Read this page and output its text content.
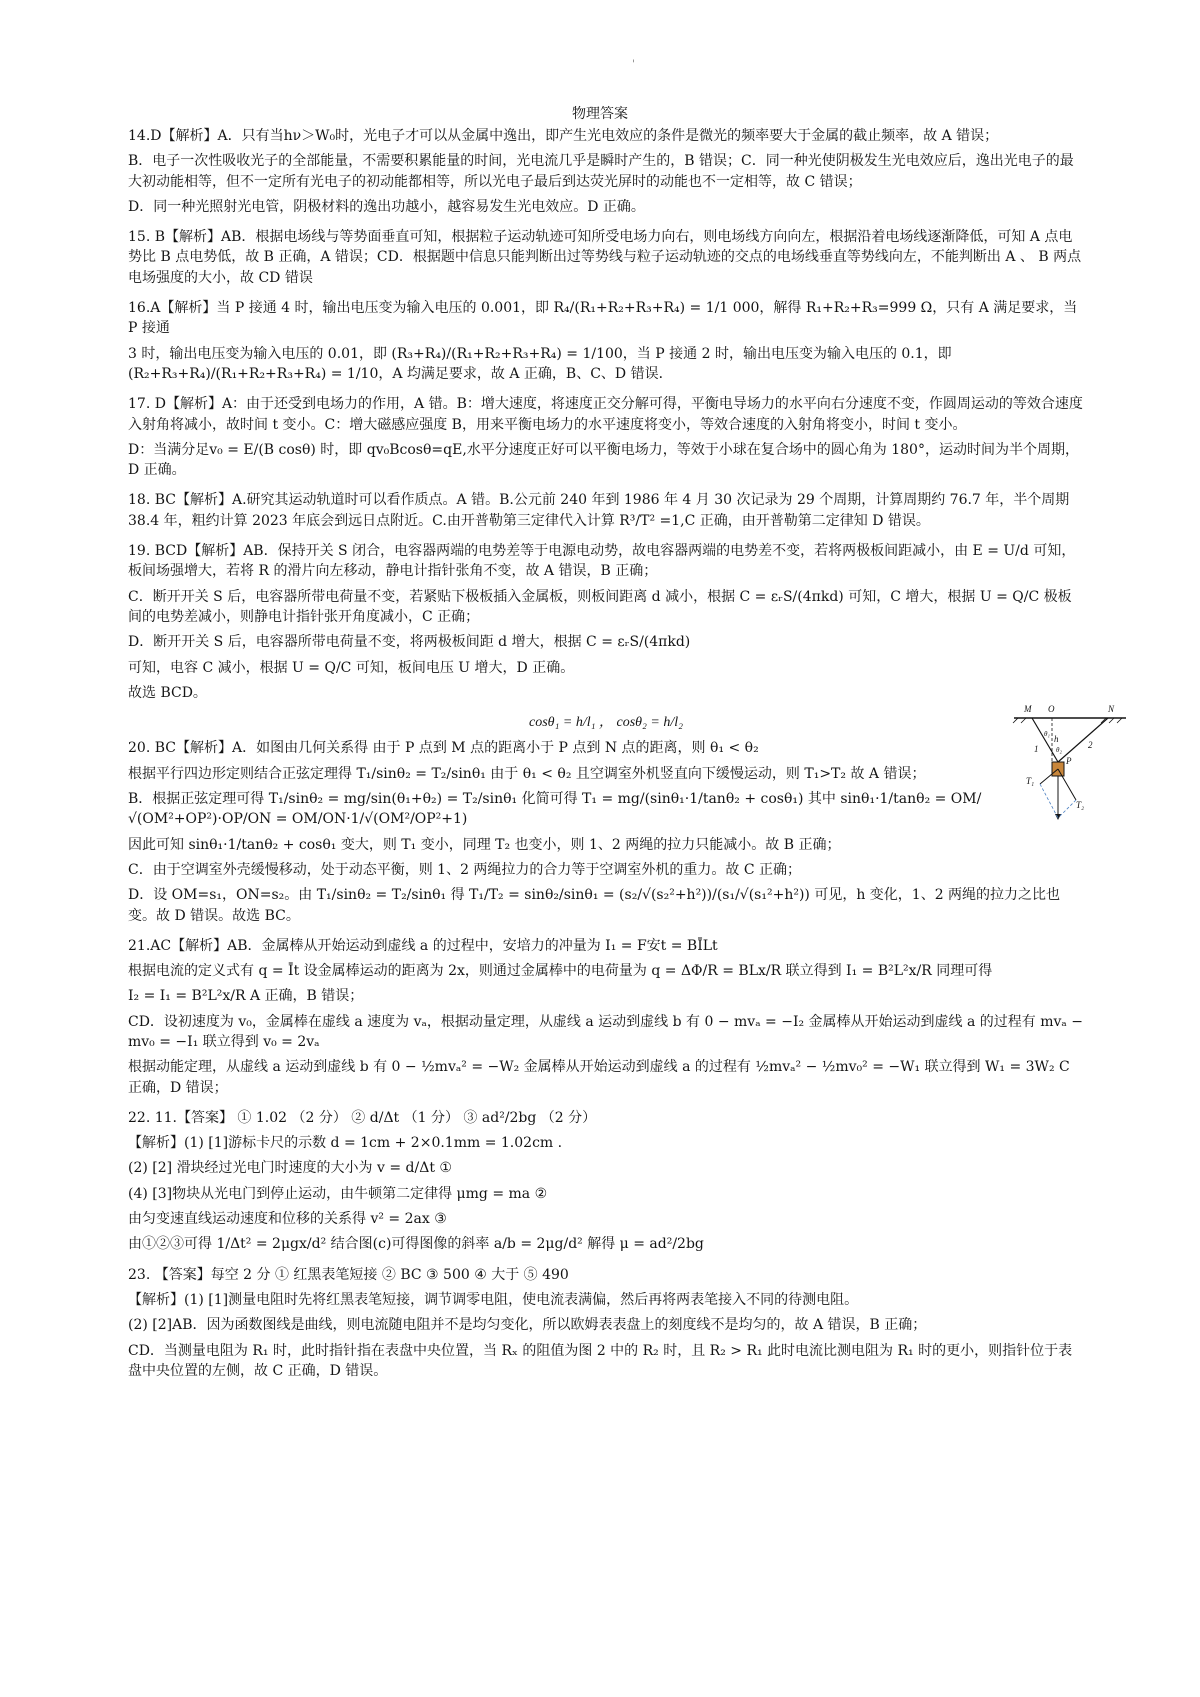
'
物理答案

14.D【解析】A．只有当hν＞W₀时，光电子才可以从金属中逸出，即产生光电效应的条件是微光的频率要大于金属的截止频率，故 A 错误；

B．电子一次性吸收光子的全部能量，不需要积累能量的时间，光电流几乎是瞬时产生的，B 错误；C．同一种光使阴极发生光电效应后，逸出光电子的最大初动能相等，但不一定所有光电子的初动能都相等，所以光电子最后到达荧光屏时的动能也不一定相等，故 C 错误；

D．同一种光照射光电管，阴极材料的逸出功越小，越容易发生光电效应。D 正确。

15. B【解析】AB．根据电场线与等势面垂直可知，根据粒子运动轨迹可知所受电场力向右，则电场线方向向左，根据沿着电场线逐渐降低，可知 A 点电势比 B 点电势低，故 B 正确，A 错误；CD．根据题中信息只能判断出过等势线与粒子运动轨迹的交点的电场线垂直等势线向左，不能判断出 A 、 B 两点电场强度的大小，故 CD 错误

16.A【解析】当 P 接通 4 时，输出电压变为输入电压的 0.001，即 R₄/(R₁+R₂+R₃+R₄) = 1/1 000，解得 R₁+R₂+R₃=999 Ω，只有 A 满足要求，当 P 接通

3 时，输出电压变为输入电压的 0.01，即 (R₃+R₄)/(R₁+R₂+R₃+R₄) = 1/100，当 P 接通 2 时，输出电压变为输入电压的 0.1，即 (R₂+R₃+R₄)/(R₁+R₂+R₃+R₄) = 1/10，A 均满足要求，故 A 正确，B、C、D 错误．

17. D【解析】A：由于还受到电场力的作用，A 错。B：增大速度，将速度正交分解可得，平衡电导场力的水平向右分速度不变，作圆周运动的等效合速度入射角将减小，故时间 t 变小。C：增大磁感应强度 B，用来平衡电场力的水平速度将变小，等效合速度的入射角将变小，时间 t 变小。

D：当满分足v₀ = E/(B cosθ) 时，即 qv₀Bcosθ=qE,水平分速度正好可以平衡电场力，等效于小球在复合场中的圆心角为 180°，运动时间为半个周期，D 正确。

18. BC【解析】A.研究其运动轨道时可以看作质点。A 错。B.公元前 240 年到 1986 年 4 月 30 次记录为 29 个周期，计算周期约 76.7 年，半个周期 38.4 年，粗约计算 2023 年底会到远日点附近。C.由开普勒第三定律代入计算 R³/T² =1,C 正确，由开普勒第二定律知 D 错误。

19. BCD【解析】AB．保持开关 S 闭合，电容器两端的电势差等于电源电动势，故电容器两端的电势差不变，若将两极板间距减小，由 E = U/d 可知，板间场强增大，若将 R 的滑片向左移动，静电计指针张角不变，故 A 错误，B 正确；

C．断开开关 S 后，电容器所带电荷量不变，若紧贴下极板插入金属板，则板间距离 d 减小，根据 C = εᵣS/(4πkd) 可知，C 增大，根据 U = Q/C 极板间的电势差减小，则静电计指针张开角度减小，C 正确；

D．断开开关 S 后，电容器所带电荷量不变，将两极板间距 d 增大，根据 C = εᵣS/(4πkd)

可知，电容 C 减小，根据 U = Q/C 可知，板间电压 U 增大，D 正确。

故选 BCD。

cosθ₁ = h/l₁ ， cosθ₂ = h/l₂

20. BC【解析】A．如图由几何关系得 由于 P 点到 M 点的距离小于 P 点到 N 点的距离，则 θ₁ < θ₂

根据平行四边形定则结合正弦定理得 T₁/sinθ₂ = T₂/sinθ₁ 由于 θ₁ < θ₂ 且空调室外机竖直向下缓慢运动，则 T₁>T₂ 故 A 错误；

B．根据正弦定理可得 T₁/sinθ₂ = mg/sin(θ₁+θ₂) = T₂/sinθ₁ 化简可得 T₁ = mg/(sinθ₁·1/tanθ₂ + cosθ₁) 其中 sinθ₁·1/tanθ₂ = OM/√(OM²+OP²)·OP/ON = OM/ON·1/√(OM²/OP²+1)

因此可知 sinθ₁·1/tanθ₂ + cosθ₁ 变大，则 T₁ 变小，同理 T₂ 也变小，则 1、2 两绳的拉力只能减小。故 B 正确；

C．由于空调室外壳缓慢移动，处于动态平衡，则 1、2 两绳拉力的合力等于空调室外机的重力。故 C 正确；

D．设 OM=s₁，ON=s₂。由 T₁/sinθ₂ = T₂/sinθ₁ 得 T₁/T₂ = sinθ₂/sinθ₁ = (s₂/√(s₂²+h²))/(s₁/√(s₁²+h²)) 可见，h 变化，1、2 两绳的拉力之比也变。故 D 错误。故选 BC。

21.AC【解析】AB．金属棒从开始运动到虚线 a 的过程中，安培力的冲量为 I₁ = F安t = BĪLt

根据电流的定义式有 q = Īt 设金属棒运动的距离为 2x，则通过金属棒中的电荷量为 q = ΔΦ/R = BLx/R 联立得到 I₁ = B²L²x/R 同理可得

I₂ = I₁ = B²L²x/R A 正确，B 错误；

CD．设初速度为 v₀，金属棒在虚线 a 速度为 vₐ，根据动量定理，从虚线 a 运动到虚线 b 有 0 − mvₐ = −I₂ 金属棒从开始运动到虚线 a 的过程有 mvₐ − mv₀ = −I₁ 联立得到 v₀ = 2vₐ

根据动能定理，从虚线 a 运动到虚线 b 有 0 − ½mvₐ² = −W₂ 金属棒从开始运动到虚线 a 的过程有 ½mvₐ² − ½mv₀² = −W₁ 联立得到 W₁ = 3W₂ C 正确，D 错误；

22. 11.【答案】 ① 1.02 （2 分） ② d/Δt （1 分） ③ ad²/2bg （2 分）

【解析】(1) [1]游标卡尺的示数 d = 1cm + 2×0.1mm = 1.02cm .

(2) [2] 滑块经过光电门时速度的大小为 v = d/Δt ①

(4) [3]物块从光电门到停止运动，由牛顿第二定律得 μmg = ma ②

由匀变速直线运动速度和位移的关系得 v² = 2ax ③

由①②③可得 1/Δt² = 2μgx/d² 结合图(c)可得图像的斜率 a/b = 2μg/d² 解得 μ = ad²/2bg

23. 【答案】每空 2 分 ① 红黑表笔短接 ② BC ③ 500 ④ 大于 ⑤ 490

【解析】(1) [1]测量电阻时先将红黑表笔短接，调节调零电阻，使电流表满偏，然后再将两表笔接入不同的待测电阻。

(2) [2]AB．因为函数图线是曲线，则电流随电阻并不是均匀变化，所以欧姆表表盘上的刻度线不是均匀的，故 A 错误，B 正确；

CD．当测量电阻为 R₁ 时，此时指针指在表盘中央位置，当 Rₓ 的阻值为图 2 中的 R₂ 时，且 R₂ > R₁ 此时电流比测电阻为 R₁ 时的更小，则指针位于表盘中央位置的左侧，故 C 正确，D 错误。

M O	N
h
θ₁
θ₂
1	2
P
T₁
T₂
